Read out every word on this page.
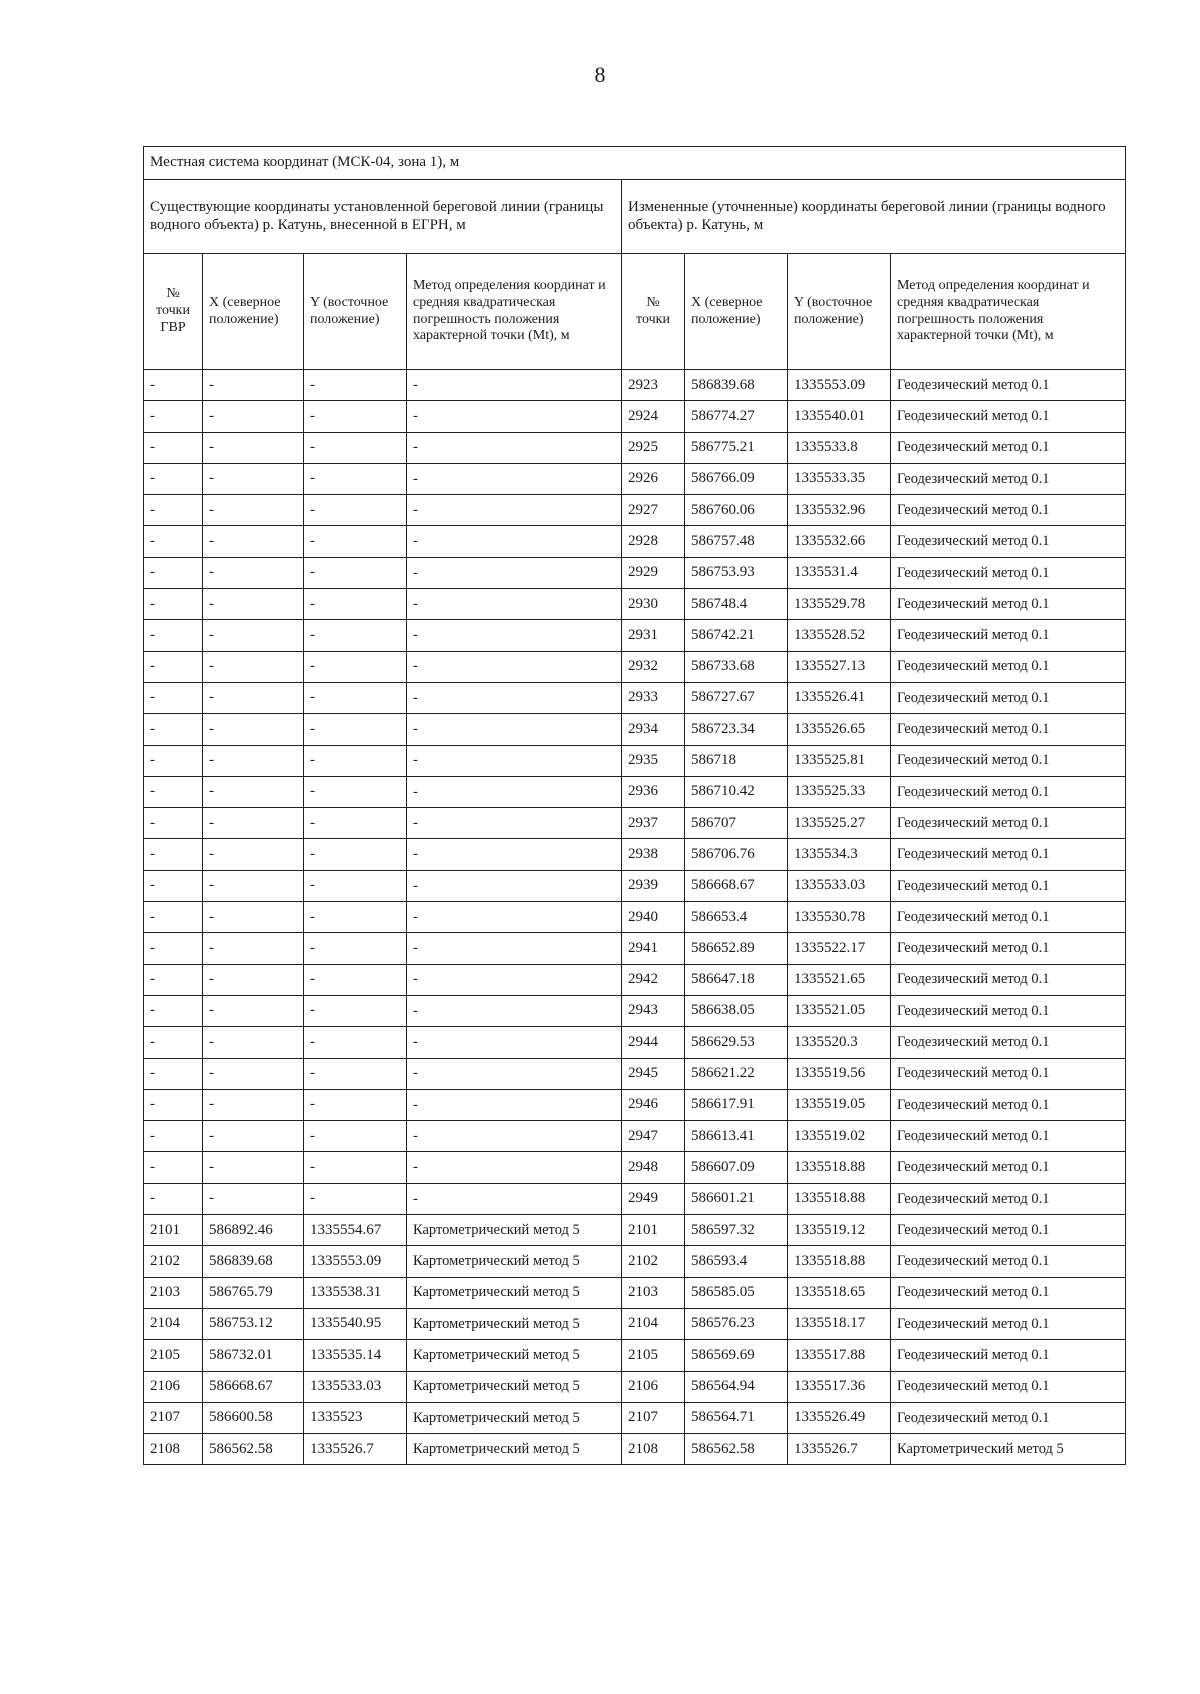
8
Местная система координат (МСК-04, зона 1), м							
Существующие координаты установленной береговой линии (границы водного объекта) р. Катунь, внесенной в ЕГРН, м				Измененные (уточненные) координаты береговой линии (границы водного объекта) р. Катунь, м			
№ точки ГВР	X (северное положение)	Y (восточное положение)	Метод определения координат и средняя квадратическая погрешность положения характерной точки (Mt), м	№ точки	X (северное положение)	Y (восточное положение)	Метод определения координат и средняя квадратическая погрешность положения характерной точки (Mt), м
-	-	-	-	2923	586839.68	1335553.09	Геодезический метод 0.1
-	-	-	-	2924	586774.27	1335540.01	Геодезический метод 0.1
-	-	-	-	2925	586775.21	1335533.8	Геодезический метод 0.1
-	-	-	-	2926	586766.09	1335533.35	Геодезический метод 0.1
-	-	-	-	2927	586760.06	1335532.96	Геодезический метод 0.1
-	-	-	-	2928	586757.48	1335532.66	Геодезический метод 0.1
-	-	-	-	2929	586753.93	1335531.4	Геодезический метод 0.1
-	-	-	-	2930	586748.4	1335529.78	Геодезический метод 0.1
-	-	-	-	2931	586742.21	1335528.52	Геодезический метод 0.1
-	-	-	-	2932	586733.68	1335527.13	Геодезический метод 0.1
-	-	-	-	2933	586727.67	1335526.41	Геодезический метод 0.1
-	-	-	-	2934	586723.34	1335526.65	Геодезический метод 0.1
-	-	-	-	2935	586718	1335525.81	Геодезический метод 0.1
-	-	-	-	2936	586710.42	1335525.33	Геодезический метод 0.1
-	-	-	-	2937	586707	1335525.27	Геодезический метод 0.1
-	-	-	-	2938	586706.76	1335534.3	Геодезический метод 0.1
-	-	-	-	2939	586668.67	1335533.03	Геодезический метод 0.1
-	-	-	-	2940	586653.4	1335530.78	Геодезический метод 0.1
-	-	-	-	2941	586652.89	1335522.17	Геодезический метод 0.1
-	-	-	-	2942	586647.18	1335521.65	Геодезический метод 0.1
-	-	-	-	2943	586638.05	1335521.05	Геодезический метод 0.1
-	-	-	-	2944	586629.53	1335520.3	Геодезический метод 0.1
-	-	-	-	2945	586621.22	1335519.56	Геодезический метод 0.1
-	-	-	-	2946	586617.91	1335519.05	Геодезический метод 0.1
-	-	-	-	2947	586613.41	1335519.02	Геодезический метод 0.1
-	-	-	-	2948	586607.09	1335518.88	Геодезический метод 0.1
-	-	-	-	2949	586601.21	1335518.88	Геодезический метод 0.1
2101	586892.46	1335554.67	Картометрический метод 5	2101	586597.32	1335519.12	Геодезический метод 0.1
2102	586839.68	1335553.09	Картометрический метод 5	2102	586593.4	1335518.88	Геодезический метод 0.1
2103	586765.79	1335538.31	Картометрический метод 5	2103	586585.05	1335518.65	Геодезический метод 0.1
2104	586753.12	1335540.95	Картометрический метод 5	2104	586576.23	1335518.17	Геодезический метод 0.1
2105	586732.01	1335535.14	Картометрический метод 5	2105	586569.69	1335517.88	Геодезический метод 0.1
2106	586668.67	1335533.03	Картометрический метод 5	2106	586564.94	1335517.36	Геодезический метод 0.1
2107	586600.58	1335523	Картометрический метод 5	2107	586564.71	1335526.49	Геодезический метод 0.1
2108	586562.58	1335526.7	Картометрический метод 5	2108	586562.58	1335526.7	Картометрический метод 5
